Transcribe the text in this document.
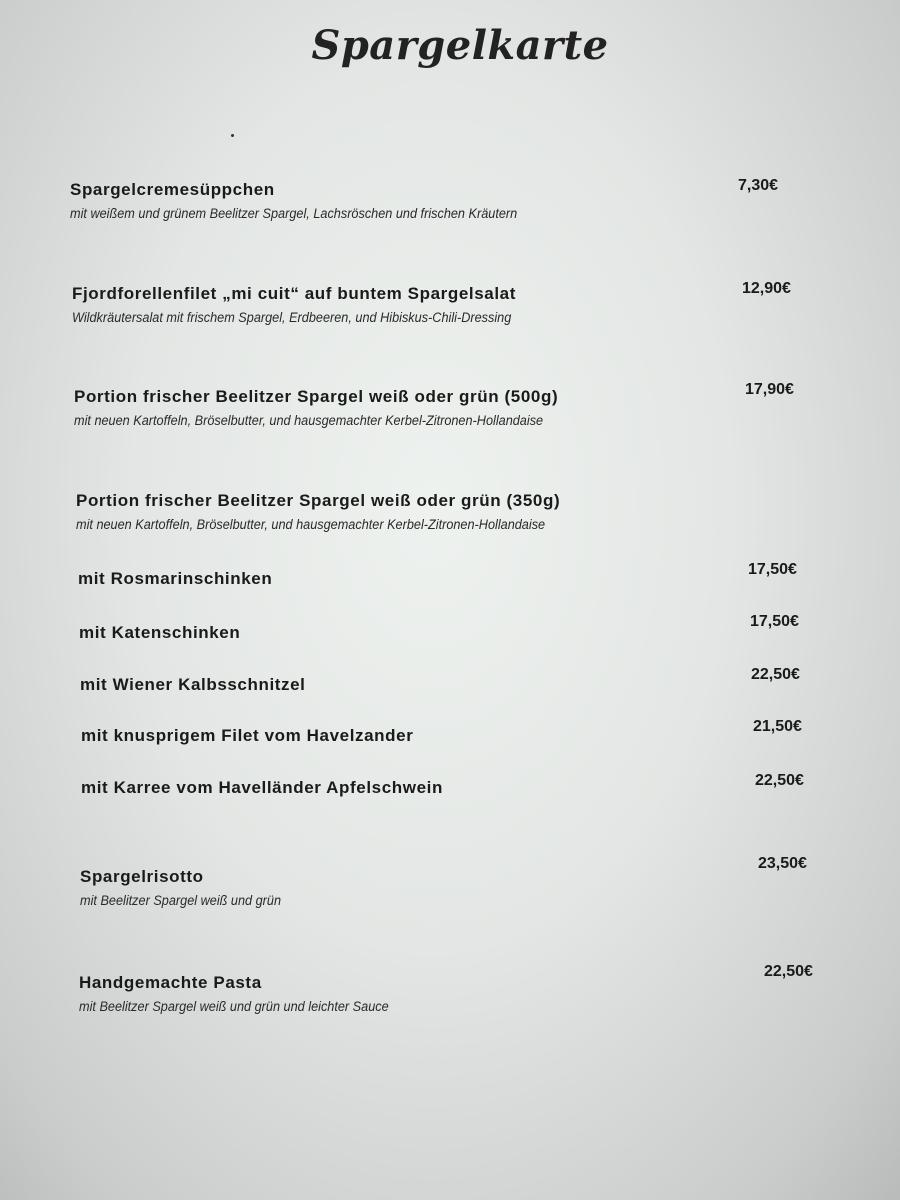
Spargelkarte
Spargelcremesüppchen
mit weißem und grünem Beelitzer Spargel, Lachsröschen und frischen Kräutern
7,30€
Fjordforellenfilet „mi cuit“ auf buntem Spargelsalat
Wildkräutersalat mit frischem Spargel, Erdbeeren, und Hibiskus-Chili-Dressing
12,90€
Portion frischer Beelitzer Spargel weiß oder grün (500g)
mit neuen Kartoffeln, Bröselbutter, und hausgemachter Kerbel-Zitronen-Hollandaise
17,90€
Portion frischer Beelitzer Spargel weiß oder grün (350g)
mit neuen Kartoffeln, Bröselbutter, und hausgemachter Kerbel-Zitronen-Hollandaise
mit Rosmarinschinken	17,50€
mit Katenschinken
17,50€
mit Wiener Kalbsschnitzel
22,50€
mit knusprigem Filet vom Havelzander	21,50€
mit Karree vom Havelländer Apfelschwein	22,50€
Spargelrisotto
mit Beelitzer Spargel weiß und grün
23,50€
Handgemachte Pasta
mit Beelitzer Spargel weiß und grün und leichter Sauce
22,50€
